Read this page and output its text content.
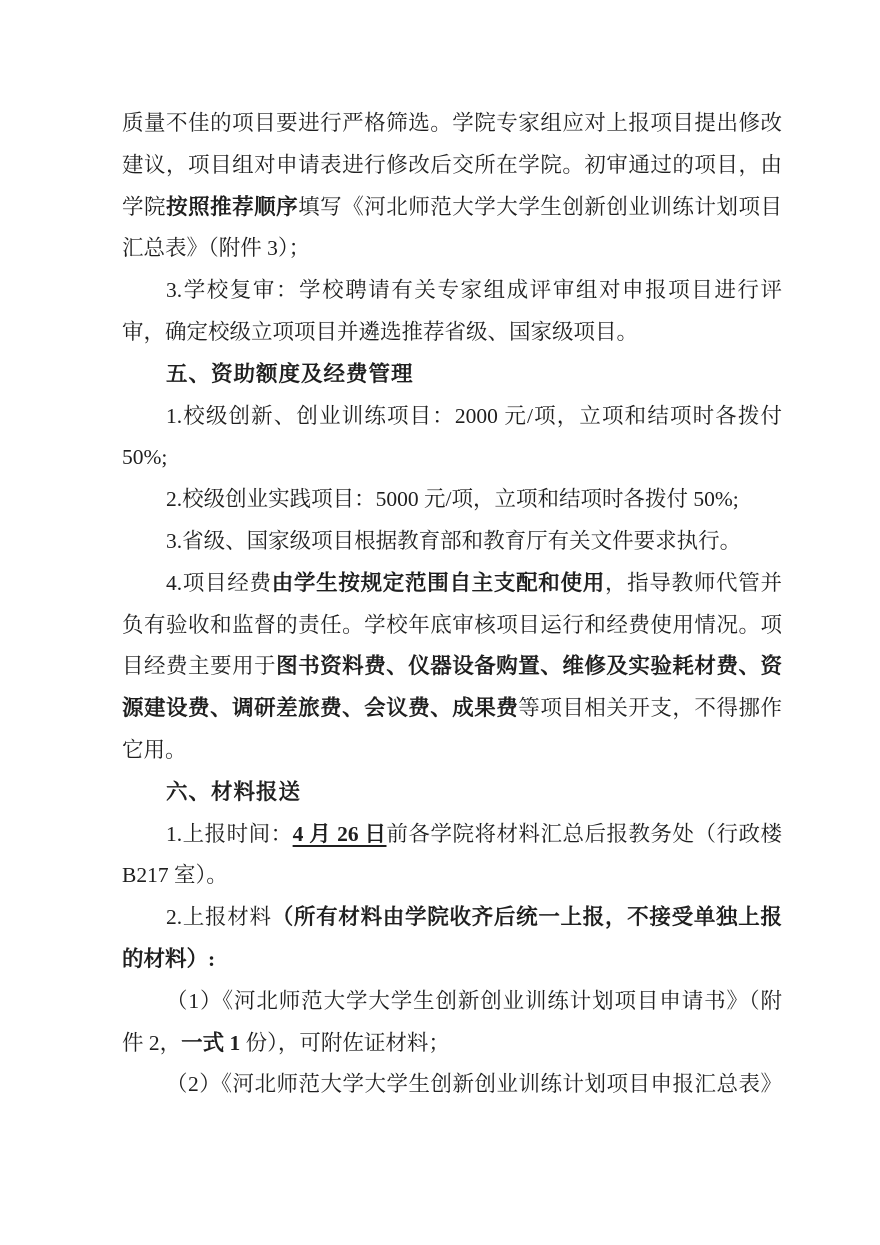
质量不佳的项目要进行严格筛选。学院专家组应对上报项目提出修改
建议，项目组对申请表进行修改后交所在学院。初审通过的项目，由
学院按照推荐顺序填写《河北师范大学大学生创新创业训练计划项目
汇总表》（附件 3）；
3.学校复审：学校聘请有关专家组成评审组对申报项目进行评
审，确定校级立项项目并遴选推荐省级、国家级项目。
五、资助额度及经费管理
1.校级创新、创业训练项目：2000 元/项，立项和结项时各拨付
50%;
2.校级创业实践项目：5000 元/项，立项和结项时各拨付 50%;
3.省级、国家级项目根据教育部和教育厅有关文件要求执行。
4.项目经费由学生按规定范围自主支配和使用，指导教师代管并
负有验收和监督的责任。学校年底审核项目运行和经费使用情况。项
目经费主要用于图书资料费、仪器设备购置、维修及实验耗材费、资
源建设费、调研差旅费、会议费、成果费等项目相关开支，不得挪作
它用。
六、材料报送
1.上报时间：4 月 26 日前各学院将材料汇总后报教务处（行政楼
B217 室）。
2.上报材料（所有材料由学院收齐后统一上报，不接受单独上报
的材料）:
（1）《河北师范大学大学生创新创业训练计划项目申请书》（附
件 2，一式 1 份），可附佐证材料；
（2）《河北师范大学大学生创新创业训练计划项目申报汇总表》
